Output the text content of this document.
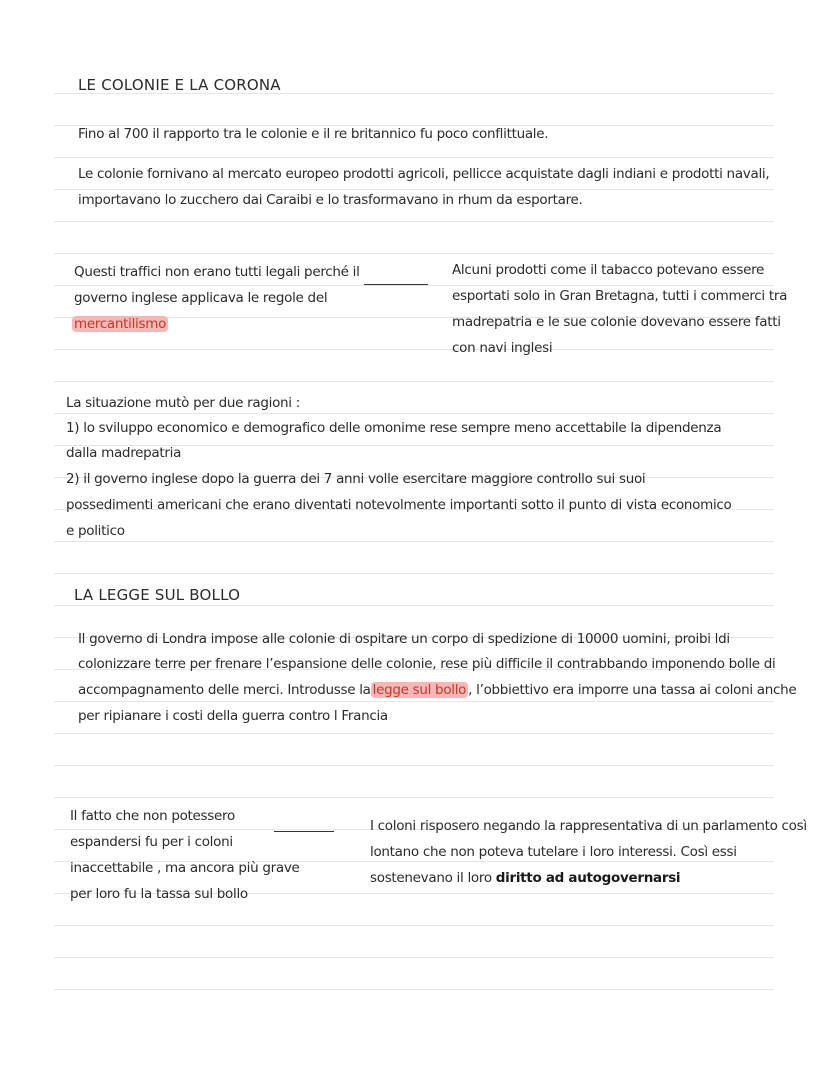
LE COLONIE E LA CORONA
Fino al 700 il rapporto tra le colonie e il re britannico fu poco conflittuale.
Le colonie fornivano al mercato europeo prodotti agricoli, pellicce acquistate dagli indiani e prodotti navali,
importavano lo zucchero dai Caraibi e lo trasformavano in rhum da esportare.
Questi traffici non erano tutti legali perché il
governo inglese applicava le regole del
mercantilismo
Alcuni prodotti come il tabacco potevano essere
esportati solo in Gran Bretagna, tutti i commerci tra
madrepatria e le sue colonie dovevano essere fatti
con navi inglesi
La situazione mutò per due ragioni :
1) lo sviluppo economico e demografico delle omonime rese sempre meno accettabile la dipendenza
dalla madrepatria
2) il governo inglese dopo la guerra dei 7 anni volle esercitare maggiore controllo sui suoi
possedimenti americani che erano diventati notevolmente importanti sotto il punto di vista economico
e politico
LA LEGGE SUL BOLLO
Il governo di Londra impose alle colonie di ospitare un corpo di spedizione di 10000 uomini, proibi ldi
colonizzare terre per frenare l’espansione delle colonie, rese più difficile il contrabbando imponendo bolle di
accompagnamento delle merci. Introdusse la legge sul bollo , l’obbiettivo era imporre una tassa ai coloni anche
per ripianare i costi della guerra contro l Francia
Il fatto che non potessero
espandersi fu per i coloni
inaccettabile , ma ancora più grave
per loro fu la tassa sul bollo
I coloni risposero negando la rappresentativa di un parlamento così
lontano che non poteva tutelare i loro interessi. Così essi
sostenevano il loro diritto ad autogovernarsi
